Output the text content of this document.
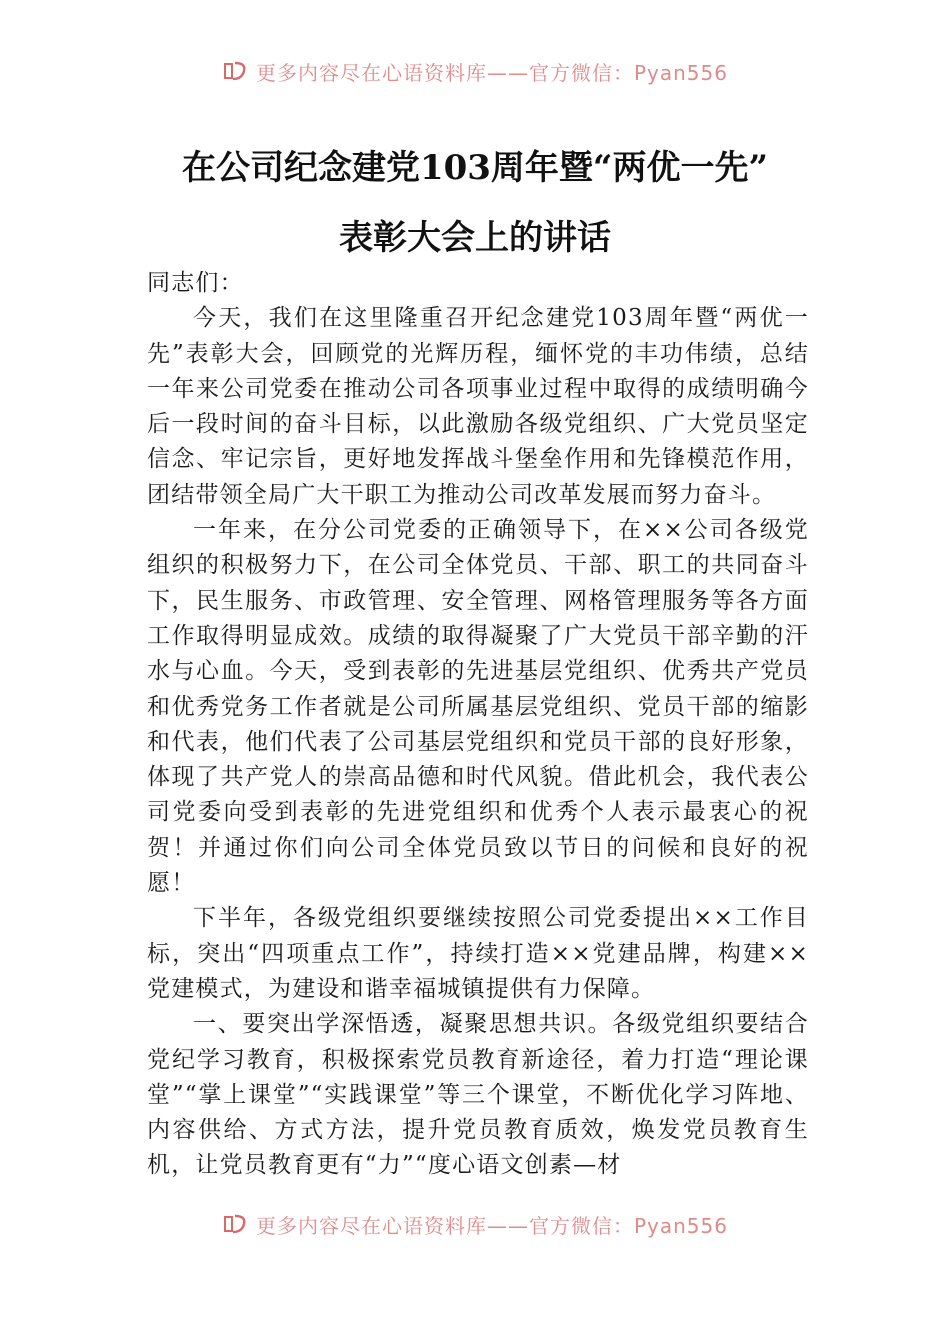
更多内容尽在心语资料库——官方微信：Pyan556
在公司纪念建党103周年暨“两优一先”
表彰大会上的讲话

同志们：

今天，我们在这里隆重召开纪念建党103周年暨“两优一先”表彰大会，回顾党的光辉历程，缅怀党的丰功伟绩，总结一年来公司党委在推动公司各项事业过程中取得的成绩明确今后一段时间的奋斗目标，以此激励各级党组织、广大党员坚定信念、牢记宗旨，更好地发挥战斗堡垒作用和先锋模范作用，团结带领全局广大干职工为推动公司改革发展而努力奋斗。

一年来，在分公司党委的正确领导下，在××公司各级党组织的积极努力下，在公司全体党员、干部、职工的共同奋斗下，民生服务、市政管理、安全管理、网格管理服务等各方面工作取得明显成效。成绩的取得凝聚了广大党员干部辛勤的汗水与心血。今天，受到表彰的先进基层党组织、优秀共产党员和优秀党务工作者就是公司所属基层党组织、党员干部的缩影和代表，他们代表了公司基层党组织和党员干部的良好形象，体现了共产党人的崇高品德和时代风貌。借此机会，我代表公司党委向受到表彰的先进党组织和优秀个人表示最衷心的祝贺！并通过你们向公司全体党员致以节日的问候和良好的祝愿！

下半年，各级党组织要继续按照公司党委提出××工作目标，突出“四项重点工作”，持续打造××党建品牌，构建××党建模式，为建设和谐幸福城镇提供有力保障。

一、要突出学深悟透，凝聚思想共识。各级党组织要结合党纪学习教育，积极探索党员教育新途径，着力打造“理论课堂”“掌上课堂”“实践课堂”等三个课堂，不断优化学习阵地、内容供给、方式方法，提升党员教育质效，焕发党员教育生机，让党员教育更有“力”“度心语文创素—材

更多内容尽在心语资料库——官方微信：Pyan556
